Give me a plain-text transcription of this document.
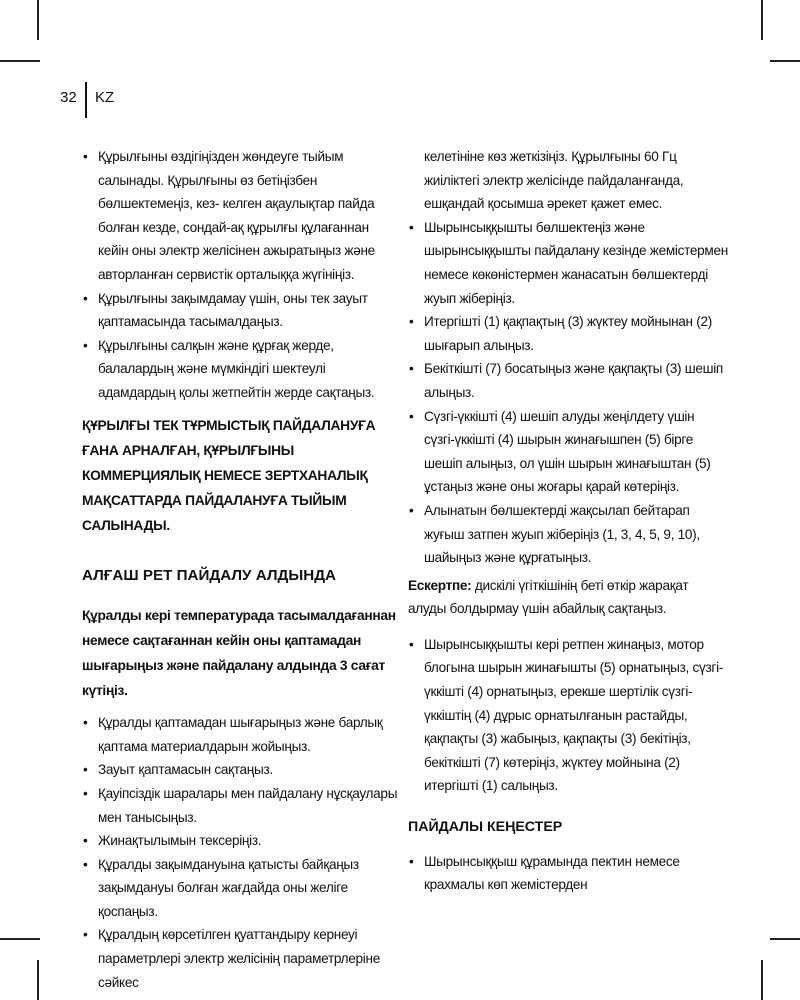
32 KZ
• Құрылғыны өздігіңізден жөндеуге тыйым салынады. Құрылғыны өз бетіңізбен бөлшектемеңіз, кез- келген ақаулықтар пайда болған кезде, сондай-ақ құрылғы құлағаннан кейін оны электр желісінен ажыратыңыз және авторланған сервистік орталыққа жүгініңіз.
• Құрылғыны зақымдамау үшін, оны тек зауыт қаптамасында тасымалдаңыз.
• Құрылғыны салқын және құрғақ жерде, балалардың және мүмкіндігі шектеулі адамдардың қолы жетпейтін жерде сақтаңыз.

ҚҰРЫЛҒЫ ТЕК ТҰРМЫСТЫҚ ПАЙДАЛАНУҒА ҒАНА АРНАЛҒАН, ҚҰРЫЛҒЫНЫ КОММЕРЦИЯЛЫҚ НЕМЕСЕ ЗЕРТХАНАЛЫҚ МАҚСАТТАРДА ПАЙДАЛАНУҒА ТЫЙЫМ САЛЫНАДЫ.

АЛҒАШ РЕТ ПАЙДАЛУ АЛДЫНДА

Құралды кері температурада тасымалдағаннан немесе сақтағаннан кейін оны қаптамадан шығарыңыз және пайдалану алдында 3 сағат күтіңіз.

• Құралды қаптамадан шығарыңыз және барлық қаптама материалдарын жойыңыз.
• Зауыт қаптамасын сақтаңыз.
• Қауіпсіздік шаралары мен пайдалану нұсқаулары мен танысыңыз.
• Жинақтылымын тексеріңіз.
• Құралды зақымдануына қатысты байқаңыз зақымдануы болған жағдайда оны желіге қоспаңыз.
• Құралдың көрсетілген қуаттандыру кернеуі параметрлері электр желісінің параметрлеріне сәйкес
келетініне көз жеткізіңіз. Құрылғыны 60 Гц жиіліктегі электр желісінде пайдаланғанда, ешқандай қосымша әрекет қажет емес.
• Шырынсыққышты бөлшектеңіз және шырынсыққышты пайдалану кезінде жемістермен немесе көкөністермен жанасатын бөлшектерді жуып жіберіңіз.
• Итергішті (1) қақпақтың (3) жүктеу мойнынан (2) шығарып алыңыз.
• Бекіткішті (7) босатыңыз және қақпақты (3) шешіп алыңыз.
• Сүзгі-үккішті (4) шешіп алуды жеңілдету үшін сүзгі-үккішті (4) шырын жинағышпен (5) бірге шешіп алыңыз, ол үшін шырын жинағыштан (5) ұстаңыз және оны жоғары қарай көтеріңіз.
• Алынатын бөлшектерді жақсылап бейтарап жуғыш затпен жуып жіберіңіз (1, 3, 4, 5, 9, 10), шайыңыз және құрғатыңыз.

Ескертпе: дискілі үгіткішінің беті өткір жарақат алуды болдырмау үшін абайлық сақтаңыз.

• Шырынсыққышты кері ретпен жинаңыз, мотор блогына шырын жинағышты (5) орнатыңыз, сүзгі-үккішті (4) орнатыңыз, ерекше шертілік сүзгі-үккіштің (4) дұрыс орнатылғанын растайды, қақпақты (3) жабыңыз, қақпақты (3) бекітіңіз, бекіткішті (7) көтеріңіз, жүктеу мойнына (2) итергішті (1) салыңыз.
ПАЙДАЛЫ КЕҢЕСТЕР
• Шырынсыққыш құрамында пектин немесе крахмалы көп жемістерден
